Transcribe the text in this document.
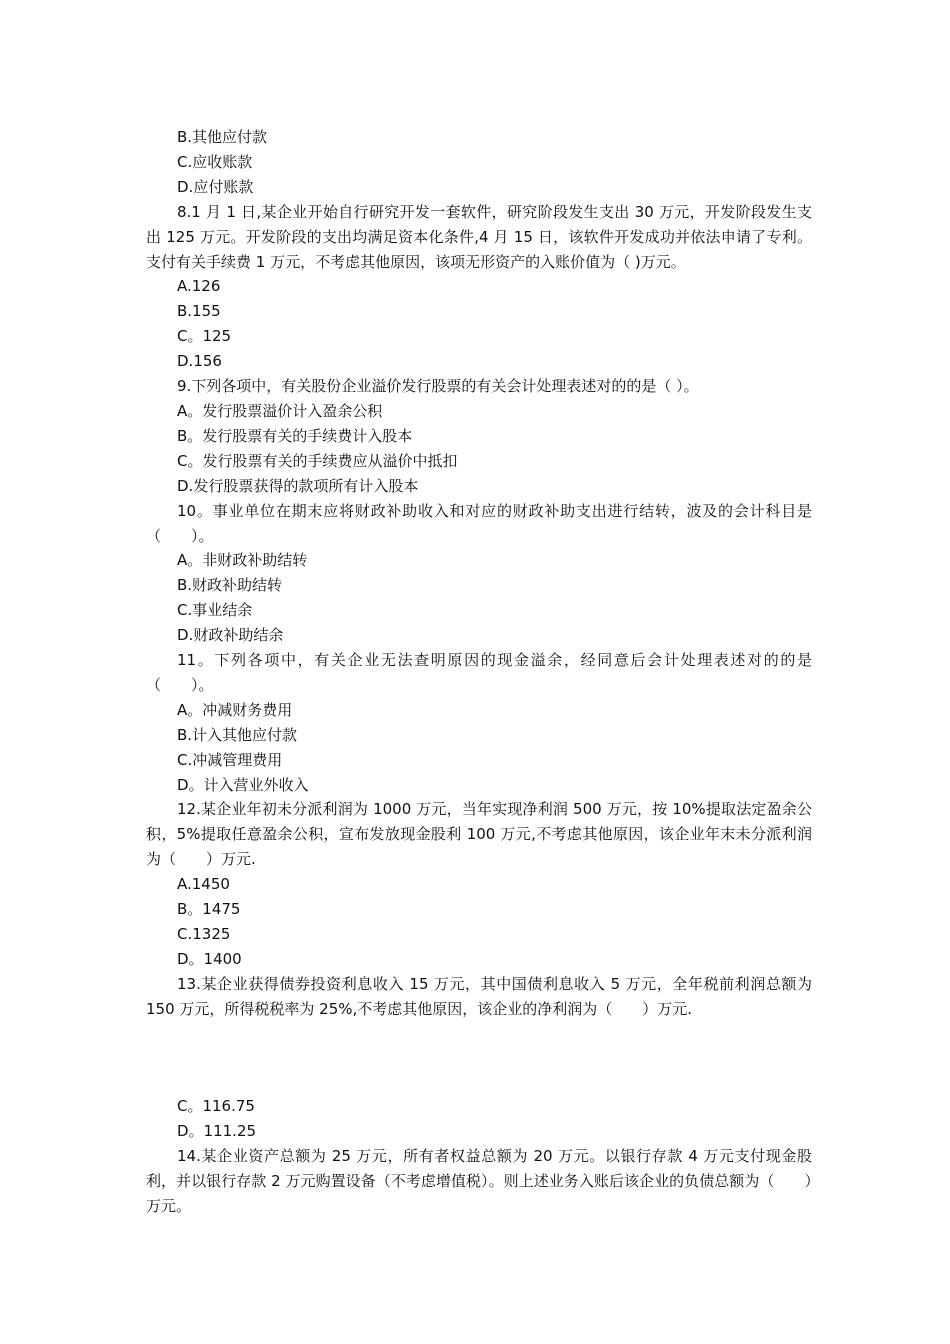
B.其他应付款
C.应收账款
D.应付账款
8.1 月 1 日,某企业开始自行研究开发一套软件，研究阶段发生支出 30 万元，开发阶段发生支出 125 万元。开发阶段的支出均满足资本化条件,4 月 15 日，该软件开发成功并依法申请了专利。支付有关手续费 1 万元，不考虑其他原因，该项无形资产的入账价值为（ )万元。
A.126
B.155
C。125
D.156
9.下列各项中，有关股份企业溢价发行股票的有关会计处理表述对的的是（ ）。
A。发行股票溢价计入盈余公积
B。发行股票有关的手续费计入股本
C。发行股票有关的手续费应从溢价中抵扣
D.发行股票获得的款项所有计入股本
10。事业单位在期末应将财政补助收入和对应的财政补助支出进行结转，波及的会计科目是（　　）。
A。非财政补助结转
B.财政补助结转
C.事业结余
D.财政补助结余
11。下列各项中，有关企业无法查明原因的现金溢余，经同意后会计处理表述对的的是（　　）。
A。冲减财务费用
B.计入其他应付款
C.冲减管理费用
D。计入营业外收入
12.某企业年初未分派利润为 1000 万元，当年实现净利润 500 万元，按 10%提取法定盈余公积，5%提取任意盈余公积，宣布发放现金股利 100 万元,不考虑其他原因，该企业年末未分派利润为（　　）万元.
A.1450
B。1475
C.1325
D。1400
13.某企业获得债券投资利息收入 15 万元，其中国债利息收入 5 万元，全年税前利润总额为 150 万元，所得税税率为 25%,不考虑其他原因，该企业的净利润为（　　）万元.
C。116.75
D。111.25
14.某企业资产总额为 25 万元，所有者权益总额为 20 万元。以银行存款 4 万元支付现金股利，并以银行存款 2 万元购置设备（不考虑增值税）。则上述业务入账后该企业的负债总额为（　　）万元。
